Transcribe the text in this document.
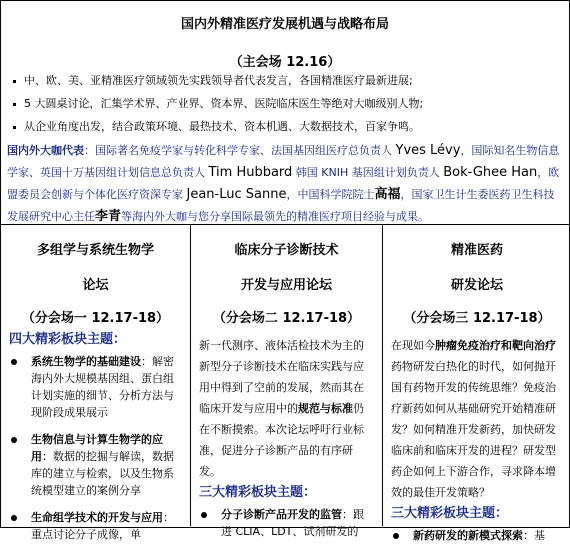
国内外精准医疗发展机遇与战略布局
（主会场 12.16）
中、欧、美、亚精准医疗领域领先实践领导者代表发言，各国精准医疗最新进展;
5 大圆桌讨论，汇集学术界、产业界、资本界、医院临床医生等绝对大咖级别人物;
从企业角度出发，结合政策环境、最热技术、资本机遇、大数据技术，百家争鸣。
国内外大咖代表：国际著名免疫学家与转化科学专家、法国基因组医疗总负责人 Yves Lévy，国际知名生物信息学家、英国十万基因组计划信息总负责人 Tim Hubbard 韩国 KNIH 基因组计划负责人 Bok-Ghee Han，欧盟委员会创新与个体化医疗资深专家 Jean-Luc Sanne，中国科学院院士高福，国家卫生计生委医药卫生科技发展研究中心主任李青等海内外大咖与您分享国际最领先的精准医疗项目经验与成果。
多组学与系统生物学
论坛
（分会场一 12.17-18）
四大精彩板块主题：
系统生物学的基础建设：解密海内外大规模基因组、蛋白组计划实施的细节、分析方法与现阶段成果展示
生物信息与计算生物学的应用：数据的挖掘与解读，数据库的建立与检索，以及生物系统模型建立的案例分享
生命组学技术的开发与应用：重点讨论分子成像，单
临床分子诊断技术
开发与应用论坛
（分会场二 12.17-18）
新一代测序、液体活检技术为主的新型分子诊断技术在临床实践与应用中得到了空前的发展，然而其在临床开发与应用中的规范与标准仍在不断摸索。本次论坛呼吁行业标准，促进分子诊断产品的有序研发。
三大精彩板块主题：
分子诊断产品开发的监管：跟进 CLIA、LDT、试剂研发的
精准医药
研发论坛
（分会场三 12.17-18）
在现如今肿瘤免疫治疗和靶向治疗药物研发白热化的时代，如何抛开国有药物开发的传统思维？免疫治疗新药如何从基础研究开始精准研发？如何精准开发新药，加快研发临床前和临床开发的进程？研发型药企如何上下游合作，寻求降本增效的最佳开发策略？
三大精彩板块主题：
新药研发的新模式探索：基
